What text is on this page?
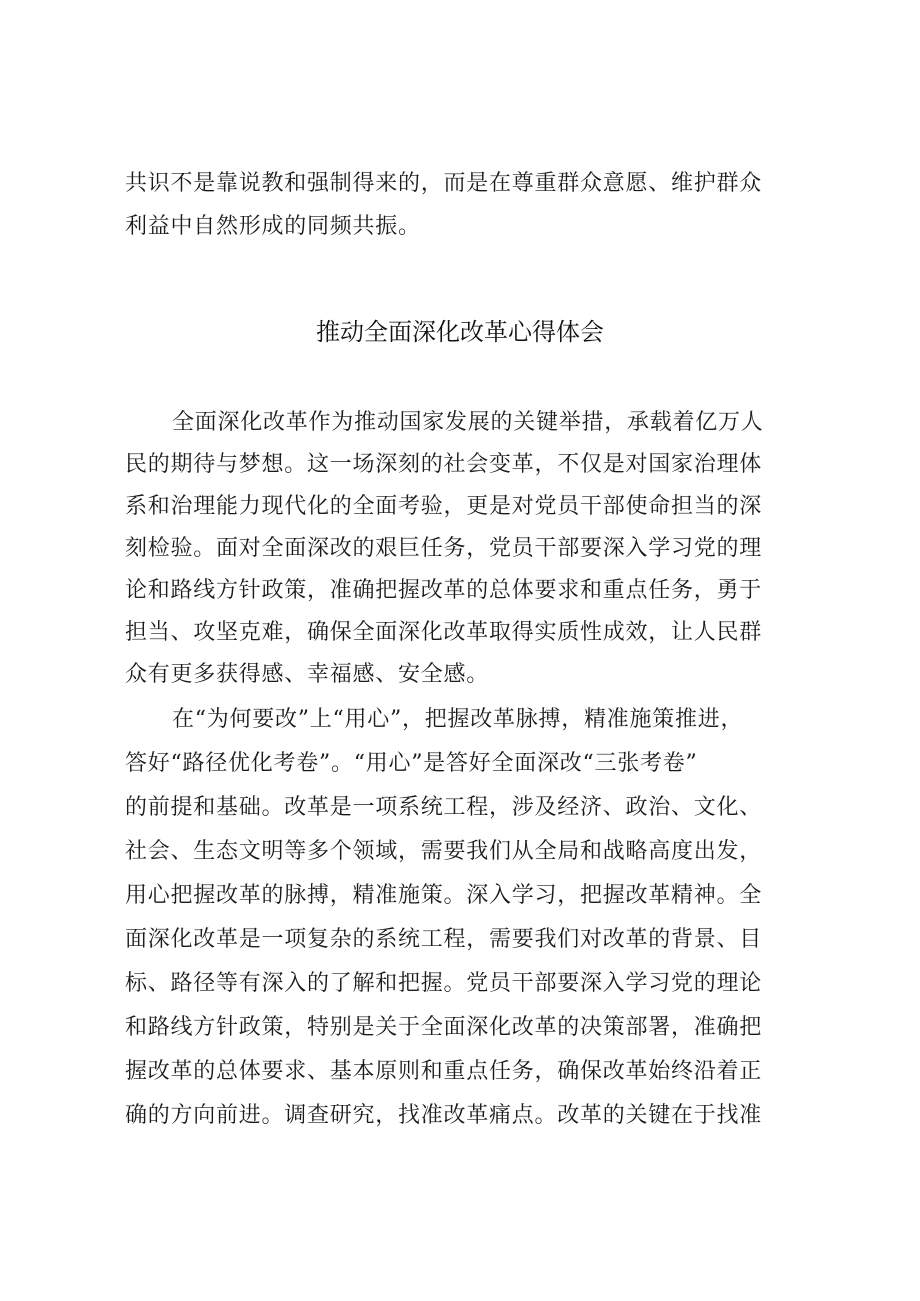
共识不是靠说教和强制得来的，而是在尊重群众意愿、维护群众
利益中自然形成的同频共振。
推动全面深化改革心得体会
全面深化改革作为推动国家发展的关键举措，承载着亿万人
民的期待与梦想。这一场深刻的社会变革，不仅是对国家治理体
系和治理能力现代化的全面考验，更是对党员干部使命担当的深
刻检验。面对全面深改的艰巨任务，党员干部要深入学习党的理
论和路线方针政策，准确把握改革的总体要求和重点任务，勇于
担当、攻坚克难，确保全面深化改革取得实质性成效，让人民群
众有更多获得感、幸福感、安全感。
在“为何要改”上“用心”，把握改革脉搏，精准施策推进，
答好“路径优化考卷”。“用心”是答好全面深改“三张考卷”
的前提和基础。改革是一项系统工程，涉及经济、政治、文化、
社会、生态文明等多个领域，需要我们从全局和战略高度出发，
用心把握改革的脉搏，精准施策。深入学习，把握改革精神。全
面深化改革是一项复杂的系统工程，需要我们对改革的背景、目
标、路径等有深入的了解和把握。党员干部要深入学习党的理论
和路线方针政策，特别是关于全面深化改革的决策部署，准确把
握改革的总体要求、基本原则和重点任务，确保改革始终沿着正
确的方向前进。调查研究，找准改革痛点。改革的关键在于找准
